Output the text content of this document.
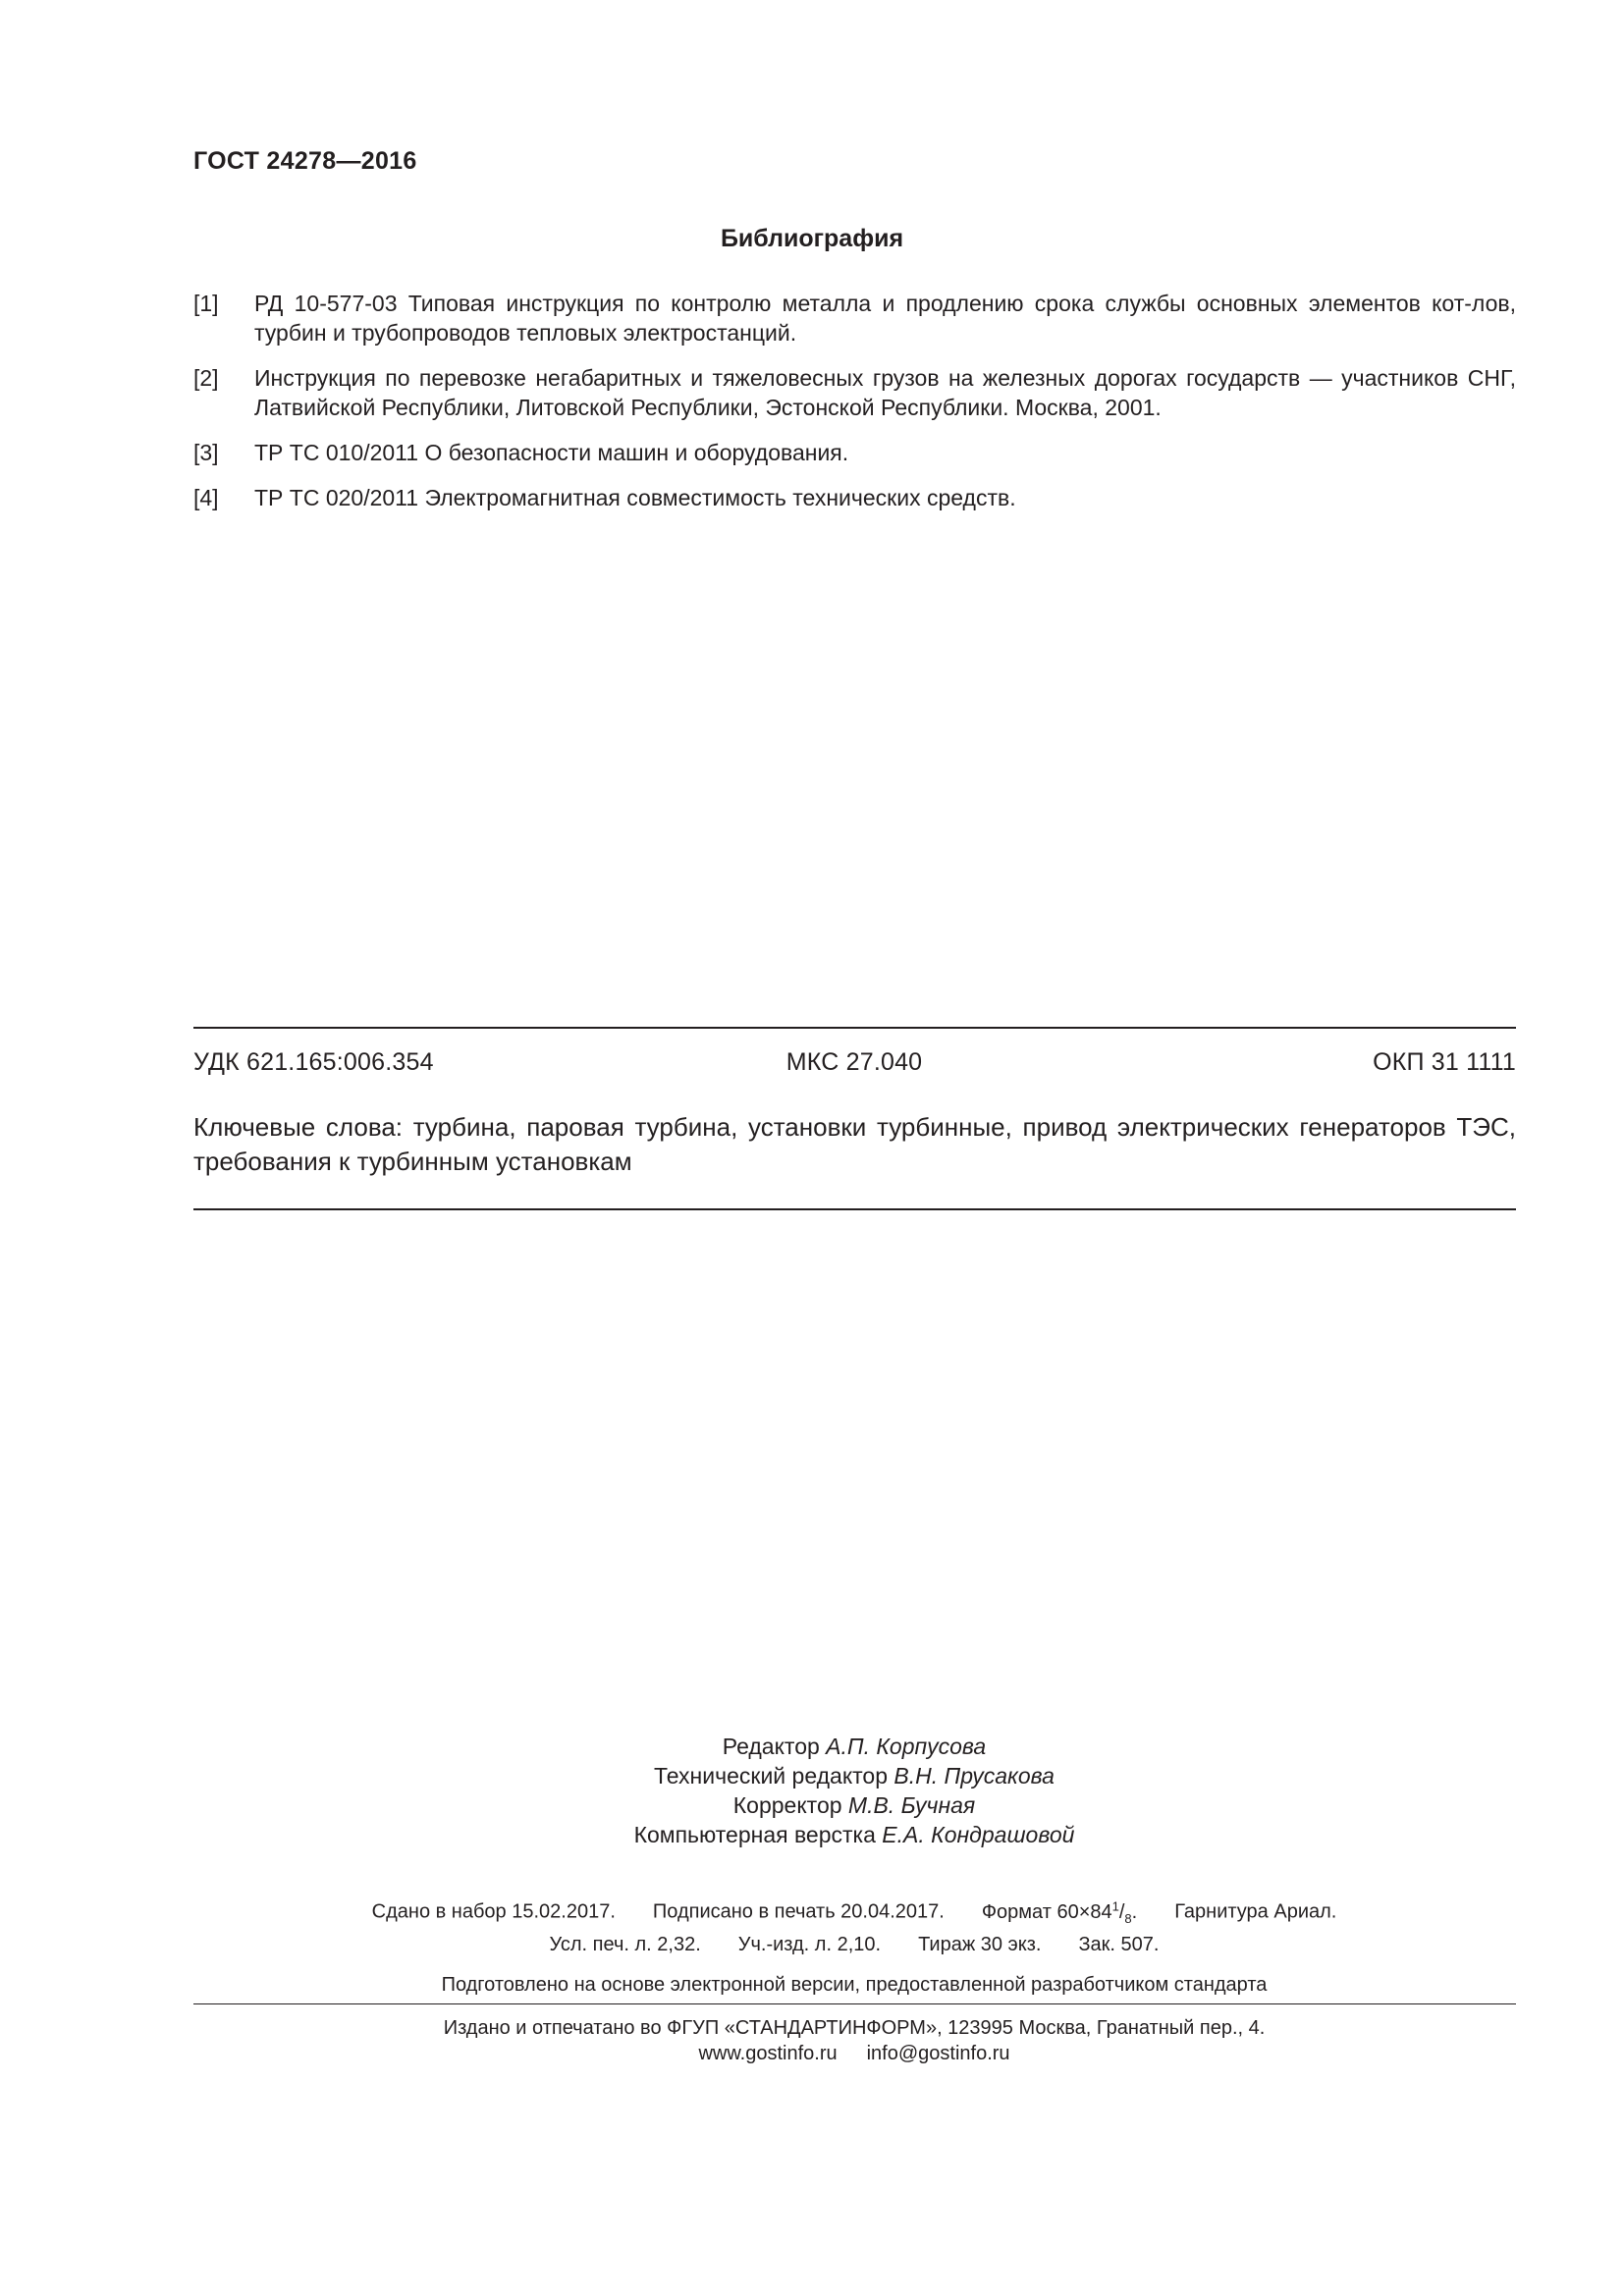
ГОСТ 24278—2016
Библиография
[1]	РД 10-577-03 Типовая инструкция по контролю металла и продлению срока службы основных элементов кот-лов, турбин и трубопроводов тепловых электростанций.
[2]	Инструкция по перевозке негабаритных и тяжеловесных грузов на железных дорогах государств — участников СНГ, Латвийской Республики, Литовской Республики, Эстонской Республики. Москва, 2001.
[3]	ТР ТС 010/2011 О безопасности машин и оборудования.
[4]	ТР ТС 020/2011 Электромагнитная совместимость технических средств.
УДК 621.165:006.354	МКС 27.040	ОКП 31 1111
Ключевые слова: турбина, паровая турбина, установки турбинные, привод электрических генераторов ТЭС, требования к турбинным установкам
Редактор А.П. Корпусова
Технический редактор В.Н. Прусакова
Корректор М.В. Бучная
Компьютерная верстка Е.А. Кондрашовой
Сдано в набор 15.02.2017. Подписано в печать 20.04.2017. Формат $60\times 84^1/_8$. Гарнитура Ариал.
Усл. печ. л. 2,32. Уч.-изд. л. 2,10. Тираж 30 экз. Зак. 507.
Подготовлено на основе электронной версии, предоставленной разработчиком стандарта
Издано и отпечатано во ФГУП «СТАНДАРТИНФОРМ», 123995 Москва, Гранатный пер., 4.
www.gostinfo.ru info@gostinfo.ru
